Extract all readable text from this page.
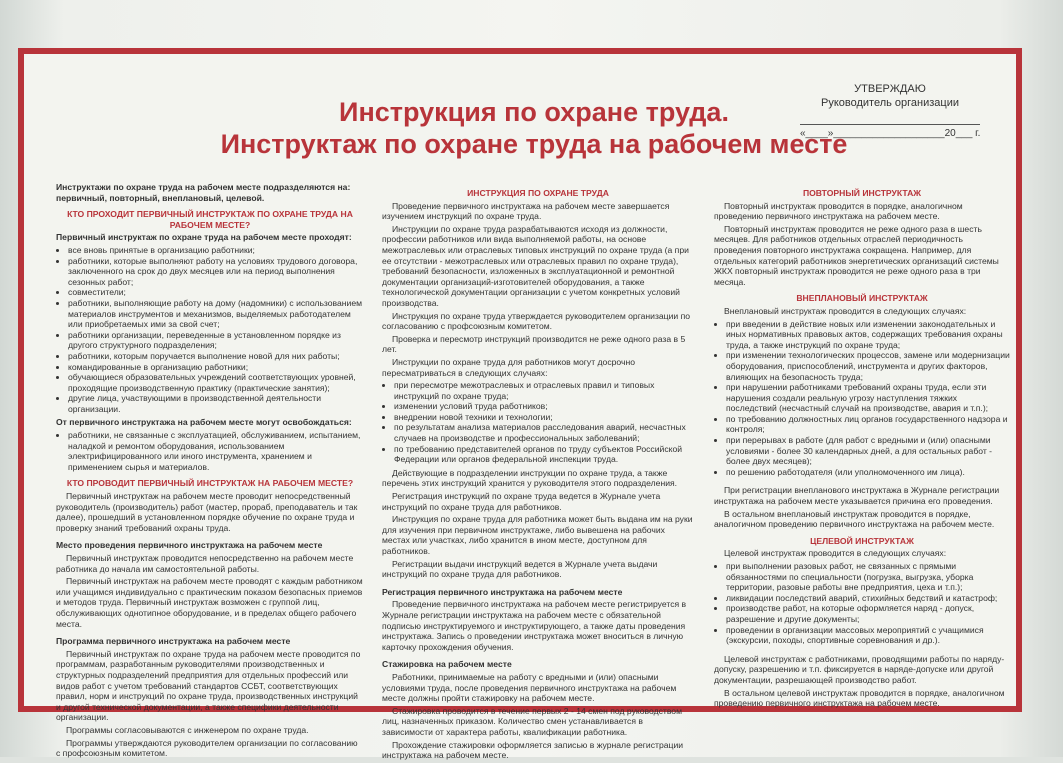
УТВЕРЖДАЮ
Руководитель организации
«____»____________________20___ г.
Инструкция по охране труда.
Инструктаж по охране труда на рабочем месте

Инструктажи по охране труда на рабочем месте подразделяются на: первичный, повторный, внеплановый, целевой.

КТО ПРОХОДИТ ПЕРВИЧНЫЙ ИНСТРУКТАЖ ПО ОХРАНЕ ТРУДА НА РАБОЧЕМ МЕСТЕ?

Первичный инструктаж по охране труда на рабочем месте проходят:

• все вновь принятые в организацию работники;
• работники, которые выполняют работу на условиях трудового договора, заключенного на срок до двух месяцев или на период выполнения сезонных работ;
• совместители;
• работники, выполняющие работу на дому (надомники) с использованием материалов инструментов и механизмов, выделяемых работодателем или приобретаемых ими за свой счет;
• работники организации, переведенные в установленном порядке из другого структурного подразделения;
• работники, которым поручается выполнение новой для них работы;
• командированные в организацию работники;
• обучающиеся образовательных учреждений соответствующих уровней, проходящие производственную практику (практические занятия);
• другие лица, участвующими в производственной деятельности организации.

От первичного инструктажа на рабочем месте могут освобождаться:

• работники, не связанные с эксплуатацией, обслуживанием, испытанием, наладкой и ремонтом оборудования, использованием электрифицированного или иного инструмента, хранением и применением сырья и материалов.
КТО ПРОВОДИТ ПЕРВИЧНЫЙ ИНСТРУКТАЖ НА РАБОЧЕМ МЕСТЕ?

Первичный инструктаж на рабочем месте проводит непосредственный руководитель (производитель) работ (мастер, прораб, преподаватель и так далее), прошедший в установленном порядке обучение по охране труда и проверку знаний требований охраны труда.

Место проведения первичного инструктажа на рабочем месте

Первичный инструктаж проводится непосредственно на рабочем месте работника до начала им самостоятельной работы.

Первичный инструктаж на рабочем месте проводят с каждым работником или учащимся индивидуально с практическим показом безопасных приемов и методов труда. Первичный инструктаж возможен с группой лиц, обслуживающих однотипное оборудование, и в пределах общего рабочего места.

Программа первичного инструктажа на рабочем месте

Первичный инструктаж по охране труда на рабочем месте проводится по программам, разработанным руководителями производственных и структурных подразделений предприятия для отдельных профессий или видов работ с учетом требований стандартов ССБТ, соответствующих правил, норм и инструкций по охране труда, производственных инструкций и другой технической документации, а также специфики деятельности организации.

Программы согласовываются с инженером по охране труда.

Программы утверждаются руководителем организации по согласованию с профсоюзным комитетом.

ИНСТРУКЦИЯ ПО ОХРАНЕ ТРУДА

Проведение первичного инструктажа на рабочем месте завершается изучением инструкций по охране труда.

Инструкции по охране труда разрабатываются исходя из должности, профессии работников или вида выполняемой работы, на основе межотраслевых или отраслевых типовых инструкций по охране труда (а при ее отсутствии - межотраслевых или отраслевых правил по охране труда), требований безопасности, изложенных в эксплуатационной и ремонтной документации организаций-изготовителей оборудования, а также технологической документации организации с учетом конкретных условий производства.

Инструкция по охране труда утверждается руководителем организации по согласованию с профсоюзным комитетом.

Проверка и пересмотр инструкций производится не реже одного раза в 5 лет.

Инструкции по охране труда для работников могут досрочно пересматриваться в следующих случаях:

• при пересмотре межотраслевых и отраслевых правил и типовых инструкций по охране труда;
• изменении условий труда работников;
• внедрении новой техники и технологии;
• по результатам анализа материалов расследования аварий, несчастных случаев на производстве и профессиональных заболеваний;
• по требованию представителей органов по труду субъектов Российской Федерации или органов федеральной инспекции труда.

Действующие в подразделении инструкции по охране труда, а также перечень этих инструкций хранится у руководителя этого подразделения.

Регистрация инструкций по охране труда ведется в Журнале учета инструкций по охране труда для работников.

Инструкция по охране труда для работника может быть выдана им на руки для изучения при первичном инструктаже, либо вывешена на рабочих местах или участках, либо хранится в ином месте, доступном для работников.

Регистрации выдачи инструкций ведется в Журнале учета выдачи инструкций по охране труда для работников.

Регистрация первичного инструктажа на рабочем месте

Проведение первичного инструктажа на рабочем месте регистрируется в Журнале регистрации инструктажа на рабочем месте с обязательной подписью инструктируемого и инструктирующего, а также даты проведения инструктажа. Запись о проведении инструктажа может вноситься в личную карточку прохождения обучения.

Стажировка на рабочем месте

Работники, принимаемые на работу с вредными и (или) опасными условиями труда, после проведения первичного инструктажа на рабочем месте должны пройти стажировку на рабочем месте.

Стажировка проводится в течение первых 2 - 14 смен под руководством лиц, назначенных приказом. Количество смен устанавливается в зависимости от характера работы, квалификации работника.

Прохождение стажировки оформляется записью в журнале регистрации инструктажа на рабочем месте.

ПОВТОРНЫЙ ИНСТРУКТАЖ

Повторный инструктаж проводится в порядке, аналогичном проведению первичного инструктажа на рабочем месте.

Повторный инструктаж проводится не реже одного раза в шесть месяцев. Для работников отдельных отраслей периодичность проведения повторного инструктажа сокращена. Например, для отдельных категорий работников энергетических организаций системы ЖКХ повторный инструктаж проводится не реже одного раза в три месяца.

ВНЕПЛАНОВЫЙ ИНСТРУКТАЖ

Внеплановый инструктаж проводится в следующих случаях:

• при введении в действие новых или изменении законодательных и иных нормативных правовых актов, содержащих требования охраны труда, а также инструкций по охране труда;
• при изменении технологических процессов, замене или модернизации оборудования, приспособлений, инструмента и других факторов, влияющих на безопасность труда;
• при нарушении работниками требований охраны труда, если эти нарушения создали реальную угрозу наступления тяжких последствий (несчастный случай на производстве, авария и т.п.);
• по требованию должностных лиц органов государственного надзора и контроля;
• при перерывах в работе (для работ с вредными и (или) опасными условиями - более 30 календарных дней, а для остальных работ - более двух месяцев);
• по решению работодателя (или уполномоченного им лица).

При регистрации внепланового инструктажа в Журнале регистрации инструктажа на рабочем месте указывается причина его проведения.

В остальном внеплановый инструктаж проводится в порядке, аналогичном проведению первичного инструктажа на рабочем месте.

ЦЕЛЕВОЙ ИНСТРУКТАЖ

Целевой инструктаж проводится в следующих случаях:

• при выполнении разовых работ, не связанных с прямыми обязанностями по специальности (погрузка, выгрузка, уборка территории, разовые работы вне предприятия, цеха и т.п.);
• ликвидации последствий аварий, стихийных бедствий и катастроф;
• производстве работ, на которые оформляется наряд - допуск, разрешение и другие документы;
• проведении в организации массовых мероприятий с учащимися (экскурсии, походы, спортивные соревнования и др.).

Целевой инструктаж с работниками, проводящими работы по наряду-допуску, разрешению и т.п. фиксируется в наряде-допуске или другой документации, разрешающей производство работ.

В остальном целевой инструктаж проводится в порядке, аналогичном проведению первичного инструктажа на рабочем месте.
